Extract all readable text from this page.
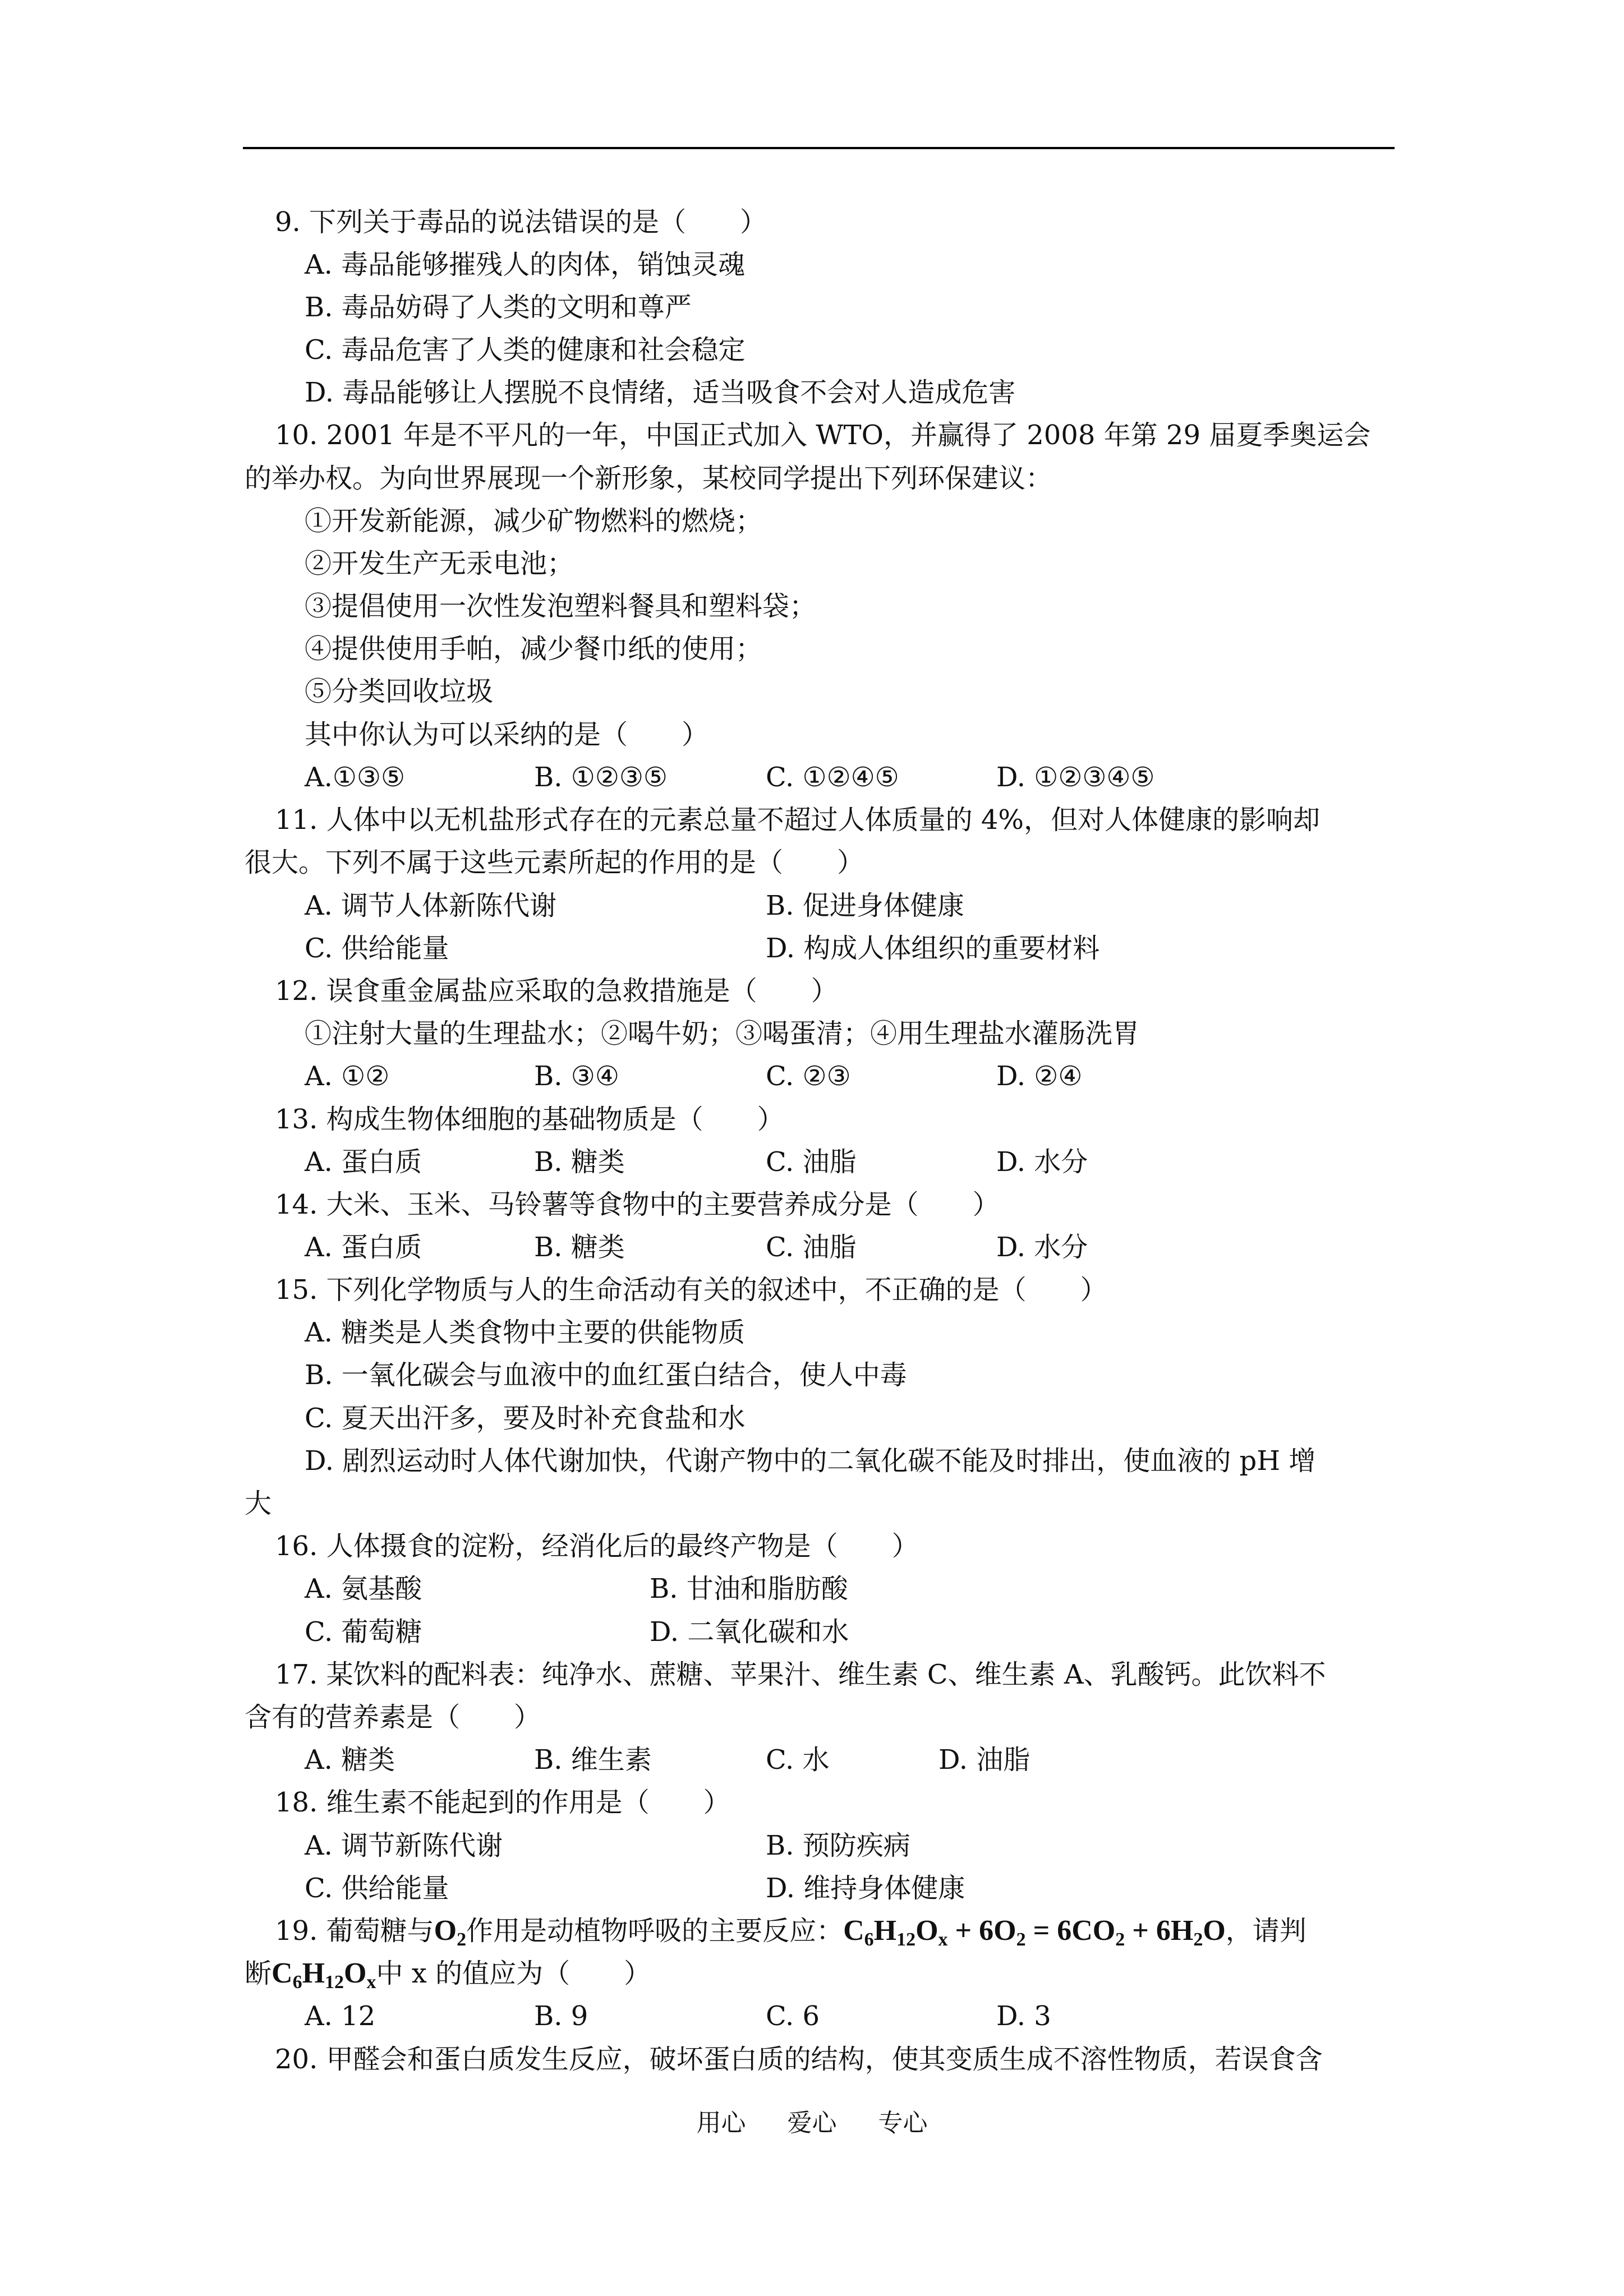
9. 下列关于毒品的说法错误的是（　　）
A. 毒品能够摧残人的肉体，销蚀灵魂
B. 毒品妨碍了人类的文明和尊严
C. 毒品危害了人类的健康和社会稳定
D. 毒品能够让人摆脱不良情绪，适当吸食不会对人造成危害
10. 2001 年是不平凡的一年，中国正式加入 WTO，并赢得了 2008 年第 29 届夏季奥运会
的举办权。为向世界展现一个新形象，某校同学提出下列环保建议：
①开发新能源，减少矿物燃料的燃烧；
②开发生产无汞电池；
③提倡使用一次性发泡塑料餐具和塑料袋；
④提供使用手帕，减少餐巾纸的使用；
⑤分类回收垃圾
其中你认为可以采纳的是（　　）
A.①③⑤	B. ①②③⑤	C. ①②④⑤	D. ①②③④⑤
11. 人体中以无机盐形式存在的元素总量不超过人体质量的 4%，但对人体健康的影响却
很大。下列不属于这些元素所起的作用的是（　　）
A. 调节人体新陈代谢	B. 促进身体健康
C. 供给能量	D. 构成人体组织的重要材料
12. 误食重金属盐应采取的急救措施是（　　）
①注射大量的生理盐水；②喝牛奶；③喝蛋清；④用生理盐水灌肠洗胃
A. ①②	B. ③④	C. ②③	D. ②④
13. 构成生物体细胞的基础物质是（　　）
A. 蛋白质	B. 糖类	C. 油脂	D. 水分
14. 大米、玉米、马铃薯等食物中的主要营养成分是（　　）
A. 蛋白质	B. 糖类	C. 油脂	D. 水分
15. 下列化学物质与人的生命活动有关的叙述中，不正确的是（　　）
A. 糖类是人类食物中主要的供能物质
B. 一氧化碳会与血液中的血红蛋白结合，使人中毒
C. 夏天出汗多，要及时补充食盐和水
D. 剧烈运动时人体代谢加快，代谢产物中的二氧化碳不能及时排出，使血液的 pH 增
大
16. 人体摄食的淀粉，经消化后的最终产物是（　　）
A. 氨基酸	B. 甘油和脂肪酸
C. 葡萄糖	D. 二氧化碳和水
17. 某饮料的配料表：纯净水、蔗糖、苹果汁、维生素 C、维生素 A、乳酸钙。此饮料不
含有的营养素是（　　）
A. 糖类	B. 维生素	C. 水	D. 油脂
18. 维生素不能起到的作用是（　　）
A. 调节新陈代谢	B. 预防疾病
C. 供给能量	D. 维持身体健康
19. 葡萄糖与$O_2$作用是动植物呼吸的主要反应：$C_6H_{12}O_x + 6O_2 = 6CO_2 + 6H_2O$，请判
断$C_6H_{12}O_x$中 x 的值应为（　　）
A. 12	B. 9	C. 6	D. 3
20. 甲醛会和蛋白质发生反应，破坏蛋白质的结构，使其变质生成不溶性物质，若误食含
用心 爱心 专心
